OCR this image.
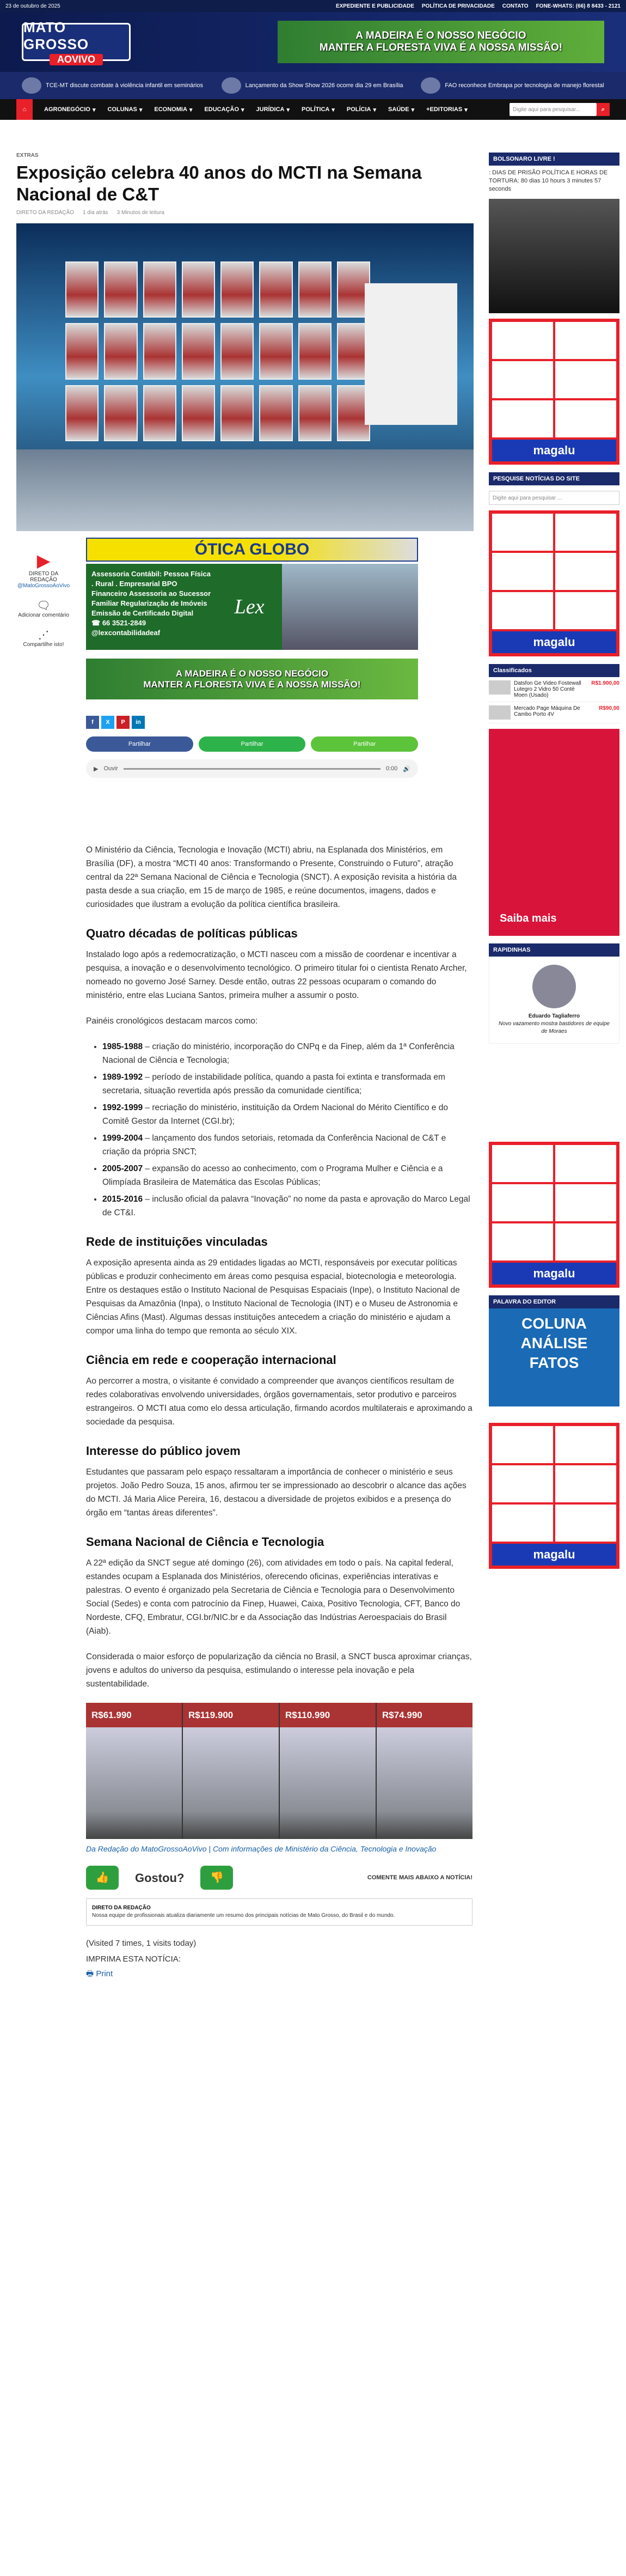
23 de outubro de 2025	EXPEDIENTE E PUBLICIDADE POLÍTICA DE PRIVACIDADE CONTATO FONE-WHATS: (66) 8 8433 - 2121
MATO GROSSO
AOVIVO
A MADEIRA É O NOSSO NEGÓCIO
MANTER A FLORESTA VIVA É A NOSSA MISSÃO!
TCE-MT discute combate à violência infantil em seminários	Lançamento da Show Show 2026 ocorre dia 29 em Brasília	FAO reconhece Embrapa por tecnologia de manejo florestal
⌂	AGRONEGÓCIO ▾	COLUNAS ▾	ECONOMIA ▾	EDUCAÇÃO ▾	JURÍDICA ▾	POLÍTICA ▾	POLÍCIA ▾	SAÚDE ▾	+EDITORIAS ▾	Digite aqui para pesquisar...	⌕
EXTRAS
Exposição celebra 40 anos do MCTI na Semana Nacional de C&T
DIRETO DA REDAÇÃO 1 dia atrás 3 Minutos de leitura
▶
DIRETO DA REDAÇÃO
@MatoGrossoAoVivo
🗨
Adicionar comentário
⋰
Compartilhe isto!
ÓTICA GLOBO
Assessoria Contábil: Pessoa Física . Rural . Empresarial BPO Financeiro Assessoria ao Sucessor Familiar Regularização de Imóveis Emissão de Certificado Digital
☎ 66 3521-2849
@lexcontabilidadeaf
Lex
A MADEIRA É O NOSSO NEGÓCIO
MANTER A FLORESTA VIVA É A NOSSA MISSÃO!
f	X	P	in
Partilhar	Partilhar	Partilhar
▶ Ouvir	0:00 🔊

O Ministério da Ciência, Tecnologia e Inovação (MCTI) abriu, na Esplanada dos Ministérios, em Brasília (DF), a mostra “MCTI 40 anos: Transformando o Presente, Construindo o Futuro”, atração central da 22ª Semana Nacional de Ciência e Tecnologia (SNCT). A exposição revisita a história da pasta desde a sua criação, em 15 de março de 1985, e reúne documentos, imagens, dados e curiosidades que ilustram a evolução da política científica brasileira.

Quatro décadas de políticas públicas

Instalado logo após a redemocratização, o MCTI nasceu com a missão de coordenar e incentivar a pesquisa, a inovação e o desenvolvimento tecnológico. O primeiro titular foi o cientista Renato Archer, nomeado no governo José Sarney. Desde então, outras 22 pessoas ocuparam o comando do ministério, entre elas Luciana Santos, primeira mulher a assumir o posto.

Painéis cronológicos destacam marcos como:

• 1985-1988 – criação do ministério, incorporação do CNPq e da Finep, além da 1ª Conferência Nacional de Ciência e Tecnologia;
• 1989-1992 – período de instabilidade política, quando a pasta foi extinta e transformada em secretaria, situação revertida após pressão da comunidade científica;
• 1992-1999 – recriação do ministério, instituição da Ordem Nacional do Mérito Científico e do Comitê Gestor da Internet (CGI.br);
• 1999-2004 – lançamento dos fundos setoriais, retomada da Conferência Nacional de C&T e criação da própria SNCT;
• 2005-2007 – expansão do acesso ao conhecimento, com o Programa Mulher e Ciência e a Olimpíada Brasileira de Matemática das Escolas Públicas;
• 2015-2016 – inclusão oficial da palavra “Inovação” no nome da pasta e aprovação do Marco Legal de CT&I.
Rede de instituições vinculadas

A exposição apresenta ainda as 29 entidades ligadas ao MCTI, responsáveis por executar políticas públicas e produzir conhecimento em áreas como pesquisa espacial, biotecnologia e meteorologia. Entre os destaques estão o Instituto Nacional de Pesquisas Espaciais (Inpe), o Instituto Nacional de Pesquisas da Amazônia (Inpa), o Instituto Nacional de Tecnologia (INT) e o Museu de Astronomia e Ciências Afins (Mast). Algumas dessas instituições antecedem a criação do ministério e ajudam a compor uma linha do tempo que remonta ao século XIX.

Ciência em rede e cooperação internacional

Ao percorrer a mostra, o visitante é convidado a compreender que avanços científicos resultam de redes colaborativas envolvendo universidades, órgãos governamentais, setor produtivo e parceiros estrangeiros. O MCTI atua como elo dessa articulação, firmando acordos multilaterais e aproximando a sociedade da pesquisa.

Interesse do público jovem

Estudantes que passaram pelo espaço ressaltaram a importância de conhecer o ministério e seus projetos. João Pedro Souza, 15 anos, afirmou ter se impressionado ao descobrir o alcance das ações do MCTI. Já Maria Alice Pereira, 16, destacou a diversidade de projetos exibidos e a presença do órgão em “tantas áreas diferentes”.

Semana Nacional de Ciência e Tecnologia

A 22ª edição da SNCT segue até domingo (26), com atividades em todo o país. Na capital federal, estandes ocupam a Esplanada dos Ministérios, oferecendo oficinas, experiências interativas e palestras. O evento é organizado pela Secretaria de Ciência e Tecnologia para o Desenvolvimento Social (Sedes) e conta com patrocínio da Finep, Huawei, Caixa, Positivo Tecnologia, CFT, Banco do Nordeste, CFQ, Embratur, CGI.br/NIC.br e da Associação das Indústrias Aeroespaciais do Brasil (Aiab).

Considerada o maior esforço de popularização da ciência no Brasil, a SNCT busca aproximar crianças, jovens e adultos do universo da pesquisa, estimulando o interesse pela inovação e pela sustentabilidade.

R$61.990	R$119.900	R$110.990	R$74.990
Da Redação do MatoGrossoAoVivo | Com informações de Ministério da Ciência, Tecnologia e Inovação
👍	Gostou?	👎	COMENTE MAIS ABAIXO A NOTÍCIA!
DIRETO DA REDAÇÃO
Nossa equipe de profissionais atualiza diariamente um resumo dos principais notícias de Mato Grosso, do Brasil e do mundo.
(Visited 7 times, 1 visits today)
IMPRIMA ESTA NOTÍCIA:
🖶 Print
BOLSONARO LIVRE !
: DIAS DE PRISÃO POLÍTICA E HORAS DE TORTURA: 80 dias 10 hours 3 minutes 57 seconds
magalu
PESQUISE NOTÍCIAS DO SITE
Digite aqui para pesquisar ...
magalu
Classificados
Datsfon Ge Video Fostewall Lutegro 2 Vidro 50 Conté Moen (Usado)
R$1.900,00
Mercado Page Máquina De Cambo Porto 4V
R$90,00
Saiba mais
RAPIDINHAS
Eduardo Tagliaferro
Novo vazamento mostra bastidores de equipe de Moraes
magalu
PALAVRA DO EDITOR
COLUNA ANÁLISE FATOS
magalu
